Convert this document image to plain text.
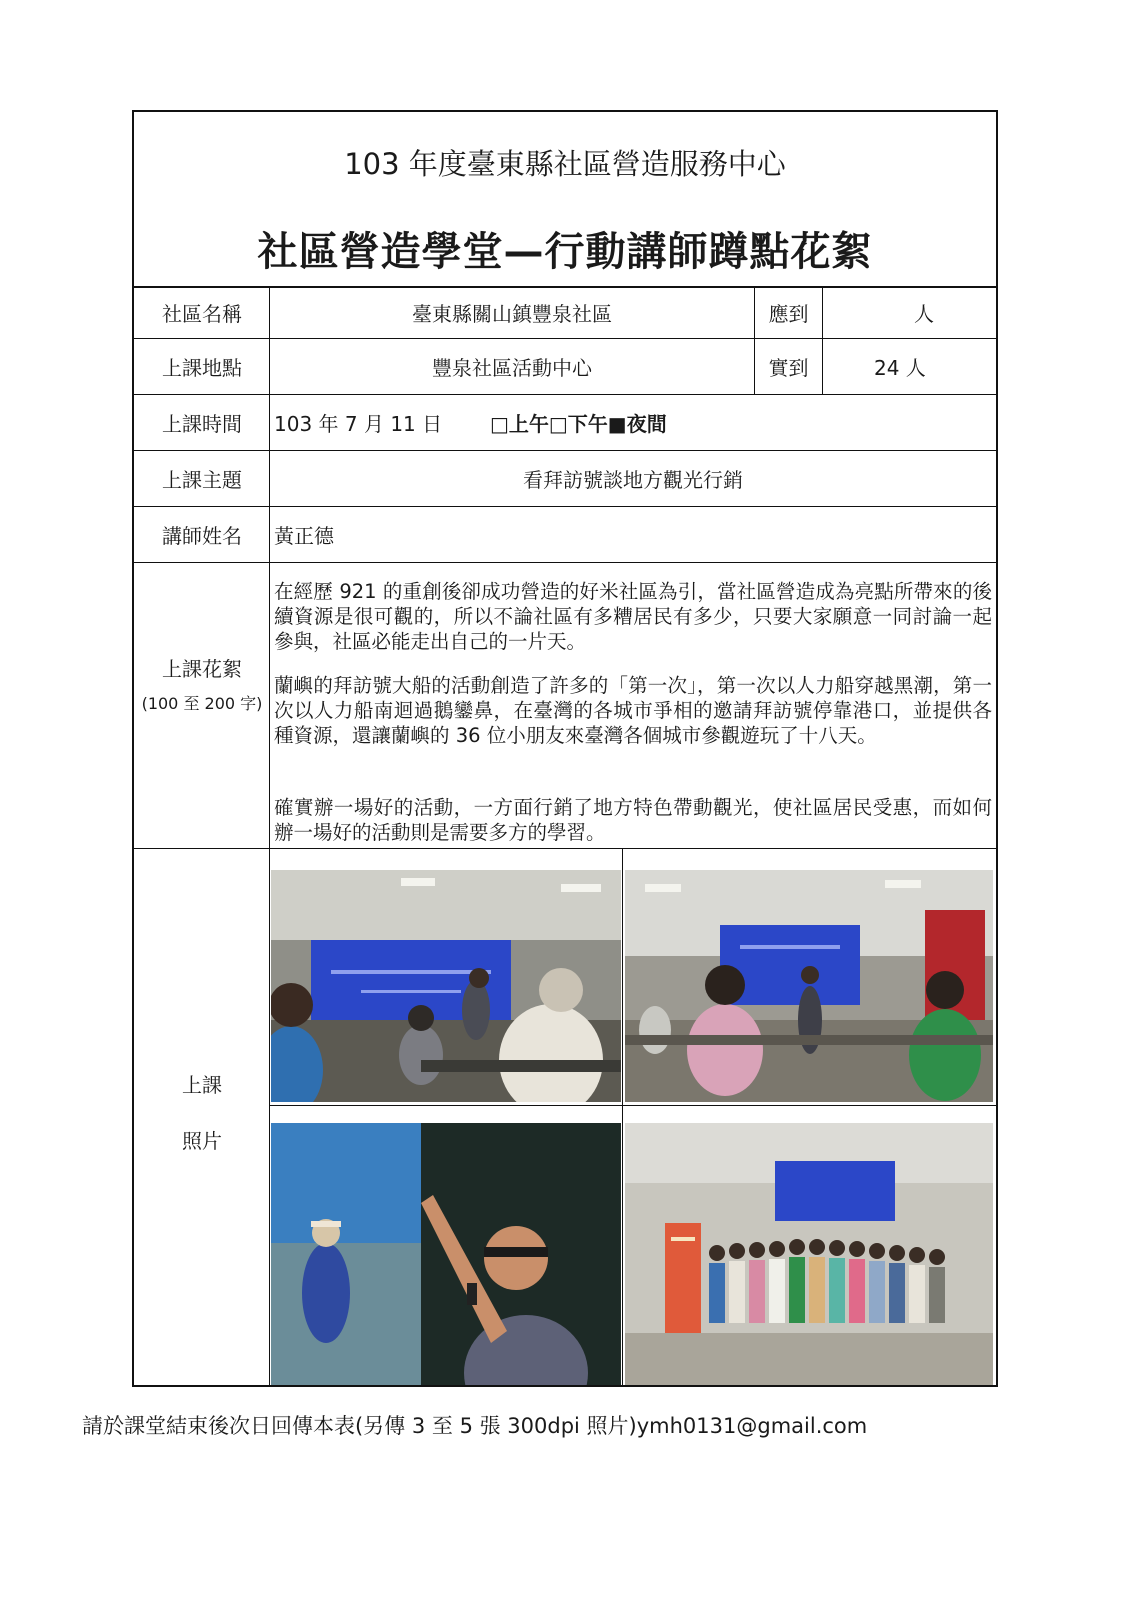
103 年度臺東縣社區營造服務中心
社區營造學堂—行動講師蹲點花絮
社區名稱	臺東縣關山鎮豐泉社區	應到	人
上課地點	豐泉社區活動中心	實到	24 人
上課時間	103 年 7 月 11 日	□上午□下午■夜間
上課主題	看拜訪號談地方觀光行銷
講師姓名	黃正德
上課花絮
(100 至 200 字)
在經歷 921 的重創後卻成功營造的好米社區為引，當社區營造成為亮點所帶來的後續資源是很可觀的，所以不論社區有多糟居民有多少，只要大家願意一同討論一起參與，社區必能走出自己的一片天。
蘭嶼的拜訪號大船的活動創造了許多的「第一次」，第一次以人力船穿越黑潮，第一次以人力船南迴過鵝鑾鼻，在臺灣的各城市爭相的邀請拜訪號停靠港口，並提供各種資源，還讓蘭嶼的 36 位小朋友來臺灣各個城市參觀遊玩了十八天。
確實辦一場好的活動，一方面行銷了地方特色帶動觀光，使社區居民受惠，而如何辦一場好的活動則是需要多方的學習。
上課
照片
請於課堂結束後次日回傳本表(另傳 3 至 5 張 300dpi 照片)ymh0131@gmail.com
